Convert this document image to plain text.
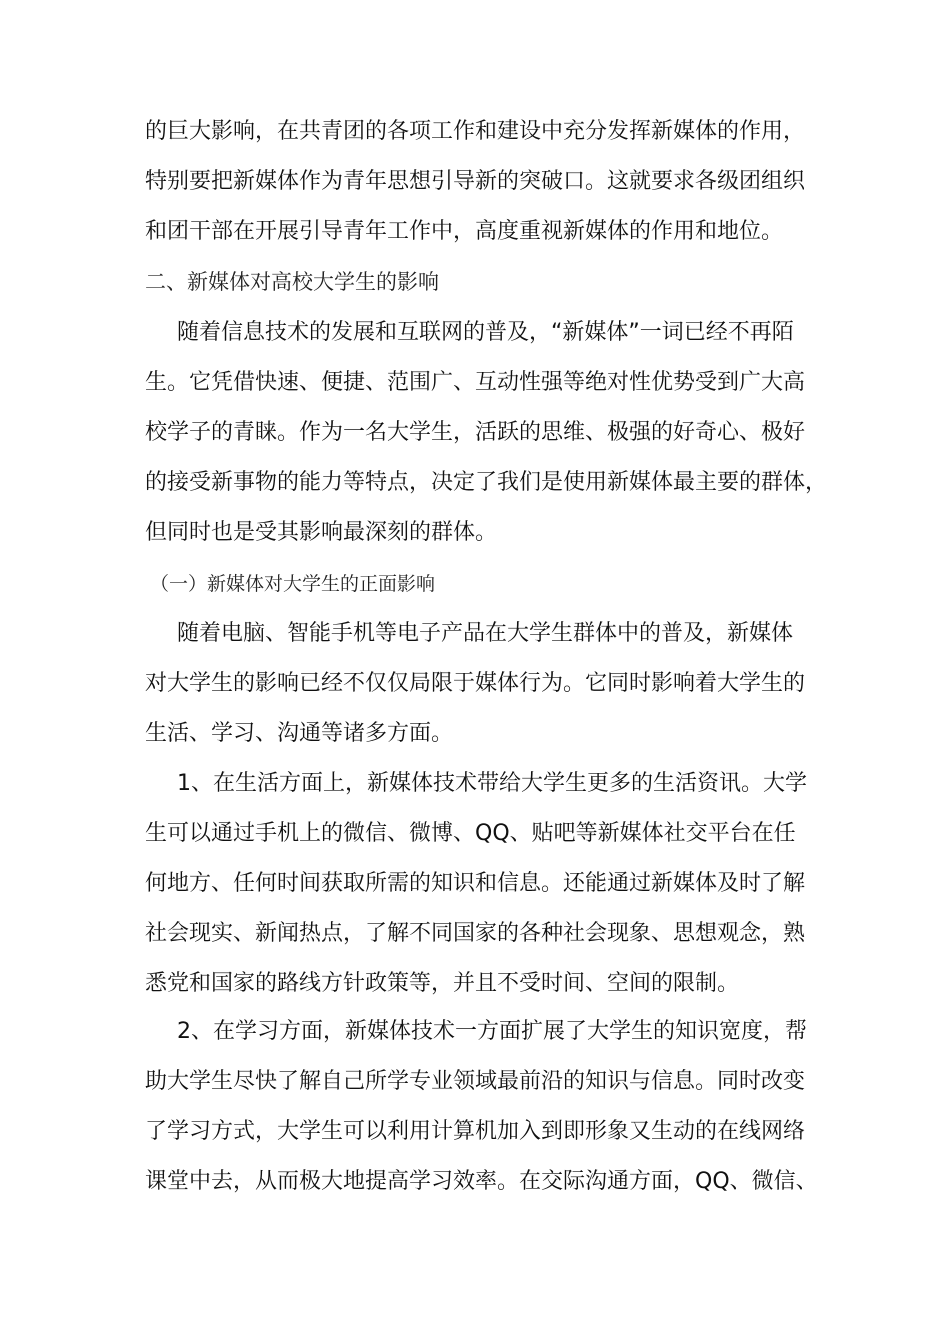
的巨大影响，在共青团的各项工作和建设中充分发挥新媒体的作用，
特别要把新媒体作为青年思想引导新的突破口。这就要求各级团组织
和团干部在开展引导青年工作中，高度重视新媒体的作用和地位。
二、新媒体对高校大学生的影响
随着信息技术的发展和互联网的普及，“新媒体”一词已经不再陌
生。它凭借快速、便捷、范围广、互动性强等绝对性优势受到广大高
校学子的青睐。作为一名大学生，活跃的思维、极强的好奇心、极好
的接受新事物的能力等特点，决定了我们是使用新媒体最主要的群体，
但同时也是受其影响最深刻的群体。
（一）新媒体对大学生的正面影响
随着电脑、智能手机等电子产品在大学生群体中的普及，新媒体
对大学生的影响已经不仅仅局限于媒体行为。它同时影响着大学生的
生活、学习、沟通等诸多方面。
1、在生活方面上，新媒体技术带给大学生更多的生活资讯。大学
生可以通过手机上的微信、微博、QQ、贴吧等新媒体社交平台在任
何地方、任何时间获取所需的知识和信息。还能通过新媒体及时了解
社会现实、新闻热点，了解不同国家的各种社会现象、思想观念，熟
悉党和国家的路线方针政策等，并且不受时间、空间的限制。
2、在学习方面，新媒体技术一方面扩展了大学生的知识宽度，帮
助大学生尽快了解自己所学专业领域最前沿的知识与信息。同时改变
了学习方式，大学生可以利用计算机加入到即形象又生动的在线网络
课堂中去，从而极大地提高学习效率。在交际沟通方面，QQ、微信、
